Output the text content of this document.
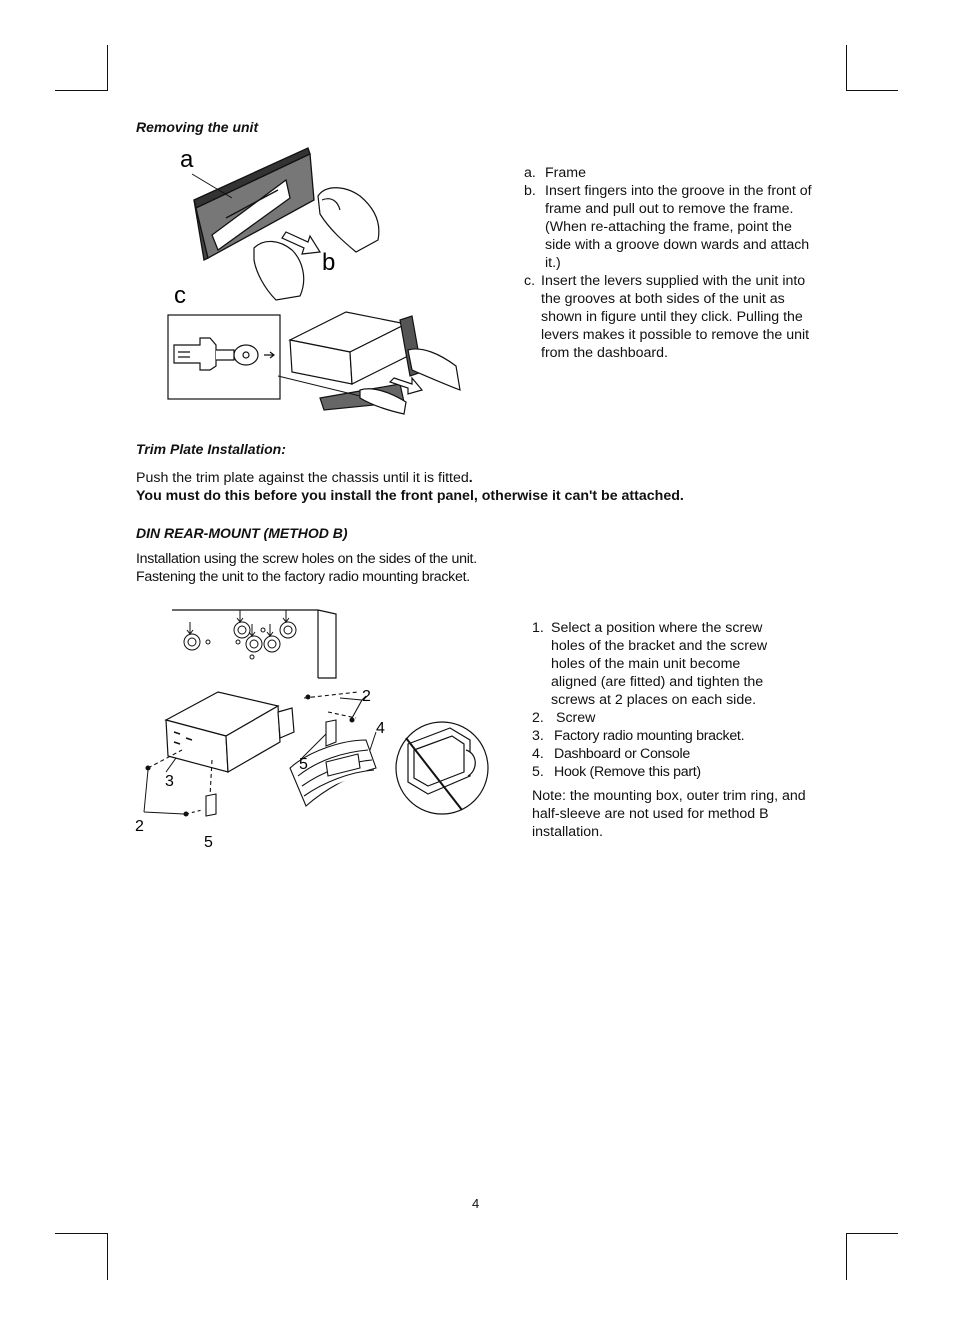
Removing the unit
a
b
c
a. Frame
b. Insert fingers into the groove in the front of frame and pull out to remove the frame. (When re-attaching the frame, point the side with a groove down wards and attach it.)
c. Insert the levers supplied with the unit into the grooves at both sides of the unit as shown in figure until they click. Pulling the levers makes it possible to remove the unit from the dashboard.
Trim Plate Installation:
Push the trim plate against the chassis until it is fitted.
You must do this before you install the front panel, otherwise it can't be attached.
DIN REAR-MOUNT (METHOD B)
Installation using the screw holes on the sides of the unit.
Fastening the unit to the factory radio mounting bracket.
2
4
5
3
2
5
1. Select a position where the screw holes of the bracket and the screw holes of the main unit become aligned (are fitted) and tighten the screws at 2 places on each side.
2. Screw
3. Factory radio mounting bracket.
4. Dashboard or Console
5. Hook (Remove this part)
Note: the mounting box, outer trim ring, and half-sleeve are not used for method B installation.
4
